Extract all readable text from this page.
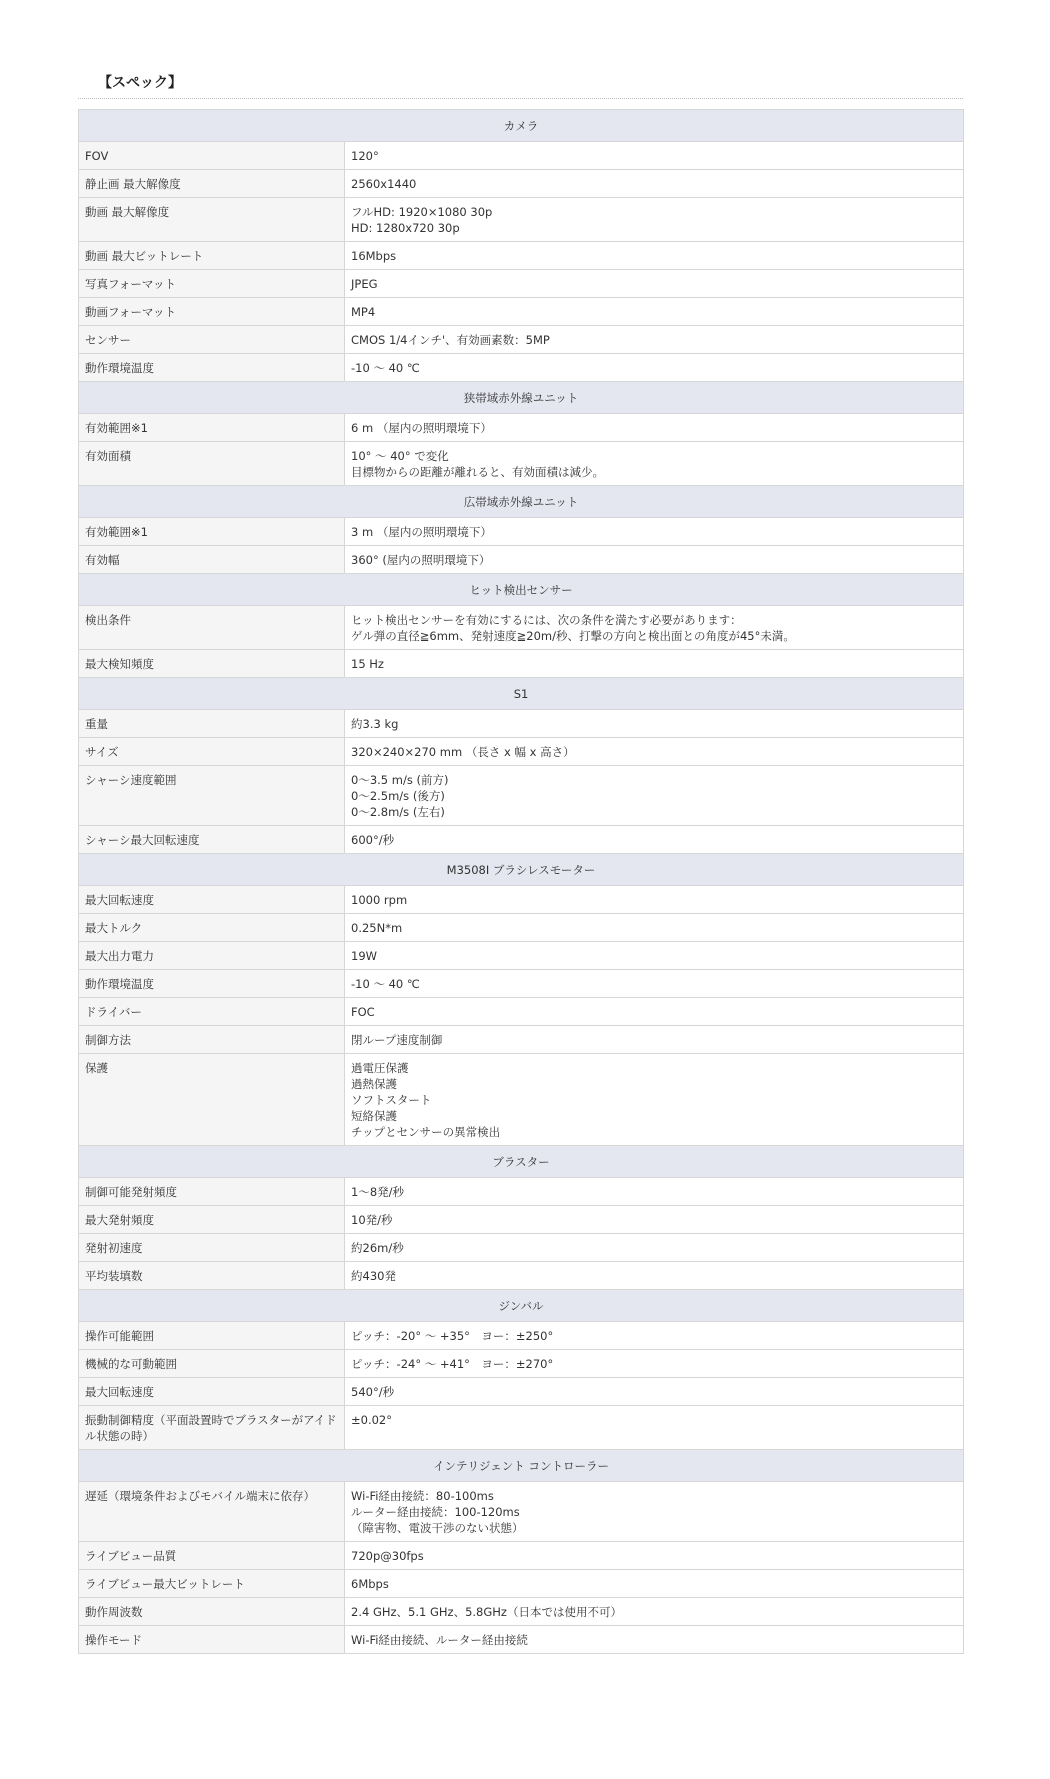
【スペック】
カメラ	
FOV	120°

静止画 最大解像度	2560x1440

動画 最大解像度	フルHD: 1920×1080 30p
HD: 1280x720 30p

動画 最大ビットレート	16Mbps

写真フォーマット	JPEG

動画フォーマット	MP4

センサー	CMOS 1/4インチ'、有効画素数：5MP

動作環境温度	-10 ～ 40 ℃

狭帯域赤外線ユニット	
有効範囲※1	6 m （屋内の照明環境下）

有効面積	10° ～ 40° で変化
目標物からの距離が離れると、有効面積は減少。

広帯域赤外線ユニット	
有効範囲※1	3 m （屋内の照明環境下）

有効幅	360° (屋内の照明環境下）

ヒット検出センサー	
検出条件	ヒット検出センサーを有効にするには、次の条件を満たす必要があります：
ゲル弾の直径≧6mm、発射速度≧20m/秒、打撃の方向と検出面との角度が45°未満。

最大検知頻度	15 Hz

S1	
重量	約3.3 kg

サイズ	320×240×270 mm （長さ x 幅 x 高さ）

シャーシ速度範囲	0～3.5 m/s (前方)
0～2.5m/s (後方)
0～2.8m/s (左右)

シャーシ最大回転速度	600°/秒

M3508I ブラシレスモーター	
最大回転速度	1000 rpm

最大トルク	0.25N*m

最大出力電力	19W

動作環境温度	-10 ～ 40 ℃

ドライバー	FOC

制御方法	閉ループ速度制御

保護	過電圧保護
過熱保護
ソフトスタート
短絡保護
チップとセンサーの異常検出

ブラスター	
制御可能発射頻度	1～8発/秒

最大発射頻度	10発/秒

発射初速度	約26m/秒

平均装填数	約430発

ジンバル	
操作可能範囲	ピッチ：-20° ～ +35°　ヨー：±250°

機械的な可動範囲	ピッチ：-24° ～ +41°　ヨー：±270°

最大回転速度	540°/秒

振動制御精度（平面設置時でブラスターがアイドル状態の時）	±0.02°

インテリジェント コントローラー	
遅延（環境条件およびモバイル端末に依存）	Wi-Fi経由接続：80-100ms
ルーター経由接続：100-120ms
（障害物、電波干渉のない状態）

ライブビュー品質	720p@30fps

ライブビュー最大ビットレート	6Mbps

動作周波数	2.4 GHz、5.1 GHz、5.8GHz（日本では使用不可）

操作モード	Wi-Fi経由接続、ルーター経由接続
